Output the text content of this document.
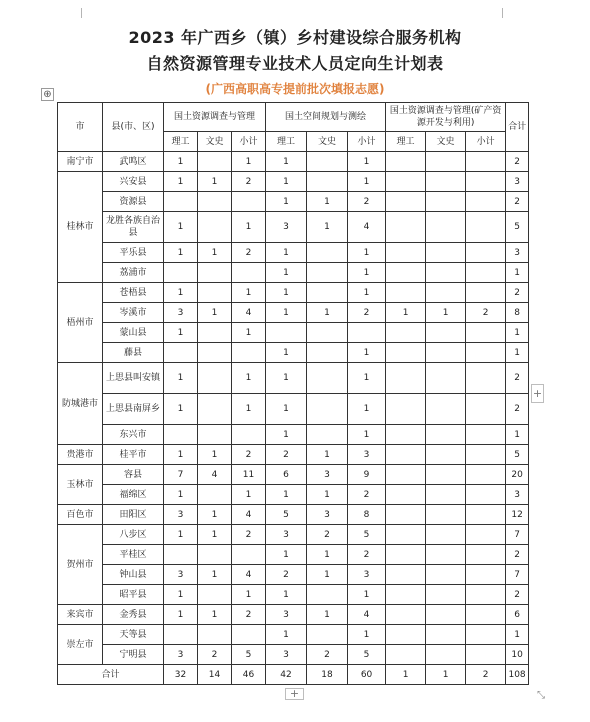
2023 年广西乡（镇）乡村建设综合服务机构
自然资源管理专业技术人员定向生计划表
(广西高职高专提前批次填报志愿)
⊕
市	县(市、区)	国土资源调查与管理			国土空间规划与测绘			国土资源调查与管理(矿产资源开发与利用)			合计
		理工	文史	小计	理工	文史	小计	理工	文史	小计	
南宁市	武鸣区	1		1	1		1				2
桂林市	兴安县	1	1	2	1		1				3
	资源县				1	1	2				2
	龙胜各族自治县	1		1	3	1	4				5
	平乐县	1	1	2	1		1				3
	荔浦市				1		1				1
梧州市	苍梧县	1		1	1		1				2
	岑溪市	3	1	4	1	1	2	1	1	2	8
	蒙山县	1		1							1
	藤县				1		1				1
防城港市	上思县叫安镇	1		1	1		1				2
	上思县南屏乡	1		1	1		1				2
	东兴市				1		1				1
贵港市	桂平市	1	1	2	2	1	3				5
玉林市	容县	7	4	11	6	3	9				20
	福绵区	1		1	1	1	2				3
百色市	田阳区	3	1	4	5	3	8				12
贺州市	八步区	1	1	2	3	2	5				7
	平桂区				1	1	2				2
	钟山县	3	1	4	2	1	3				7
	昭平县	1		1	1		1				2
来宾市	金秀县	1	1	2	3	1	4				6
崇左市	天等县				1		1				1
	宁明县	3	2	5	3	2	5				10
合计		32	14	46	42	18	60	1	1	2	108
+
+	⤡
